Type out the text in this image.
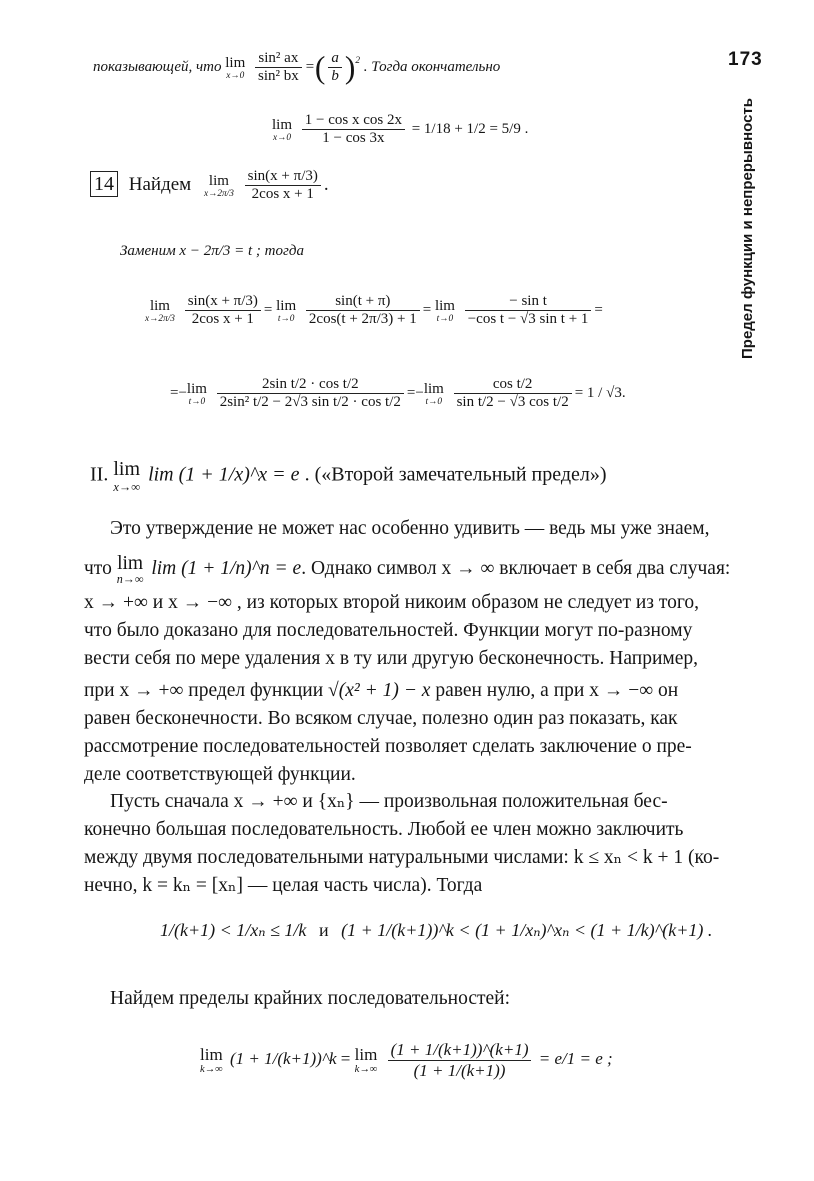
173
Предел функции и непрерывность
показывающей, что lim
x→0
$\frac{\text{sin² ax}}{\text{sin² bx}}$ =( $\frac{a}{b} )^2$ . Тогда окончательно
lim
x→0
$\frac{\text{1 − cos x cos 2x}}{1 - \cos 3x} = 1/18 + 1/2 = 5/9$ .
14 Найдем	lim
x→2π/3
$\frac{\sin(x + \pi/3)}{\text{2cos x + 1}}$ .
Заменим x − 2π/3 = t ; тогда
lim
x→2π/3
$\frac{\sin(x + \pi/3)}{\text{2cos x + 1}} = \lim$
t→0
$\frac{\sin(t + \pi)}{2\cos(t + 2\pi/3) + 1} = \lim$
t→0
$\frac{\text{− sin t}}{\text{−cos t − √3 sin t + 1}}$ =
=− lim
t→0
$\frac{\text{2sin t/2 · cos t/2}}{\text{2sin² t/2 − 2√3 sin t/2 · cos t/2}} =- \lim$
t→0
$\frac{\text{cos t/2}}{\text{sin t/2 − √3 cos t/2}} = 1 / √3$.
II. lim
x→∞
lim (1 + 1/x)^x = e . («Второй замечательный предел»)
Это утверждение не может нас особенно удивить — ведь мы уже знаем,
что lim
n→∞
lim (1 + 1/n)^n = e. Однако символ x → ∞ включает в себя два случая:
x → +∞ и x → −∞ , из которых второй никоим образом не следует из того,
что было доказано для последовательностей. Функции могут по-разному
вести себя по мере удаления x в ту или другую бесконечность. Например,
при x → +∞ предел функции √(x² + 1) − x равен нулю, а при x → −∞ он
равен бесконечности. Во всяком случае, полезно один раз показать, как
рассмотрение последовательностей позволяет сделать заключение о пре-
деле соответствующей функции.
Пусть сначала x → +∞ и {xₙ} — произвольная положительная бес-
конечно большая последовательность. Любой ее член можно заключить
между двумя последовательными натуральными числами: k ≤ xₙ < k + 1 (ко-
нечно, k = kₙ = [xₙ] — целая часть числа). Тогда
1/(k+1) < 1/xₙ ≤ 1/k и (1 + 1/(k+1))^k < (1 + 1/xₙ)^xₙ < (1 + 1/k)^(k+1) .
Найдем пределы крайних последовательностей:
lim
k→∞
(1 + 1/(k+1))^k = lim
k→∞
$\frac{(1 + 1/(k+1))\^{}(k+1)}{(1 + 1/(k+1))} = e/1 = e$ ;
